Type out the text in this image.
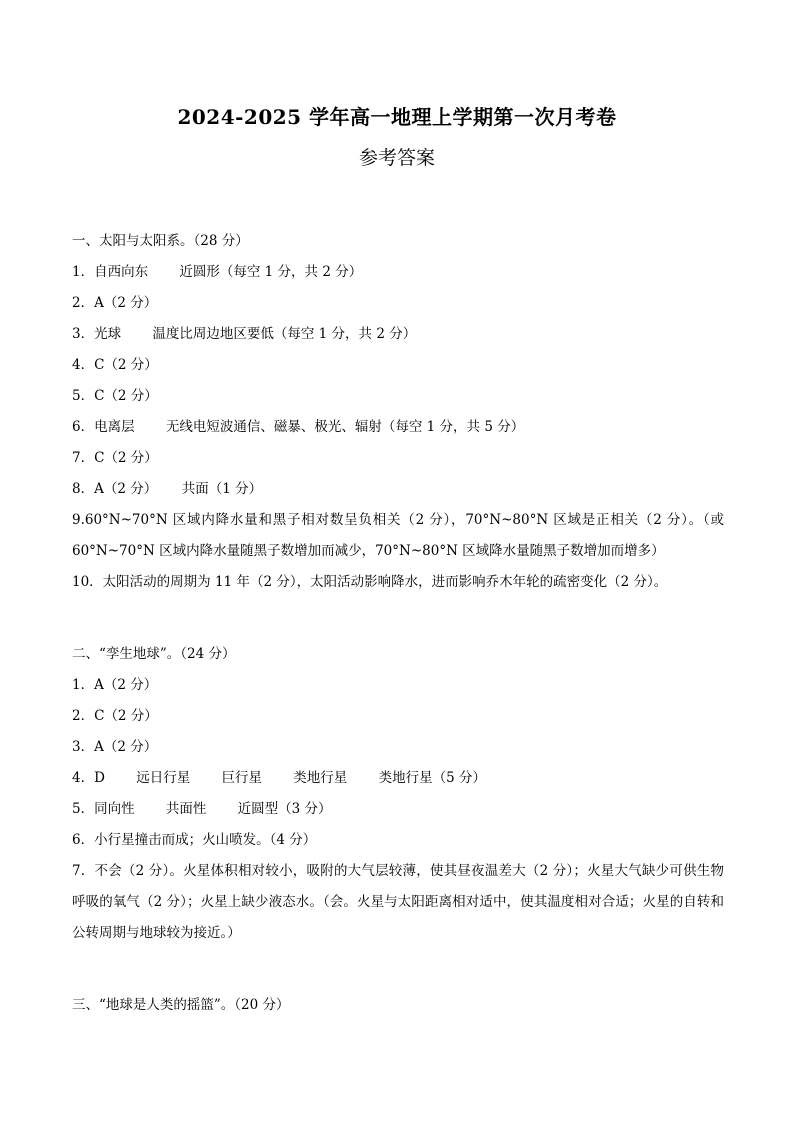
2024-2025 学年高一地理上学期第一次月考卷
参考答案
一、太阳与太阳系。（28 分）
1．自西向东　　 近圆形（每空 1 分，共 2 分）
2．A（2 分）
3．光球　　 温度比周边地区要低（每空 1 分，共 2 分）
4．C（2 分）
5．C（2 分）
6．电离层　　 无线电短波通信、磁暴、极光、辐射（每空 1 分，共 5 分）
7．C（2 分）
8．A（2 分）　　 共面（1 分）
9.60°N~70°N 区域内降水量和黑子相对数呈负相关（2 分），70°N~80°N 区域是正相关（2 分）。（或 60°N~70°N 区域内降水量随黑子数增加而减少，70°N~80°N 区域降水量随黑子数增加而增多）
10．太阳活动的周期为 11 年（2 分），太阳活动影响降水，进而影响乔木年轮的疏密变化（2 分）。
二、“孪生地球”。（24 分）
1．A（2 分）
2．C（2 分）
3．A（2 分）
4．D　　 远日行星　　 巨行星　　 类地行星　　 类地行星（5 分）
5．同向性　　 共面性　　 近圆型（3 分）
6．小行星撞击而成；火山喷发。（4 分）
7．不会（2 分）。火星体积相对较小，吸附的大气层较薄，使其昼夜温差大（2 分）；火星大气缺少可供生物呼吸的氧气（2 分）；火星上缺少液态水。（会。火星与太阳距离相对适中，使其温度相对合适；火星的自转和公转周期与地球较为接近。）
三、“地球是人类的摇篮”。（20 分）
